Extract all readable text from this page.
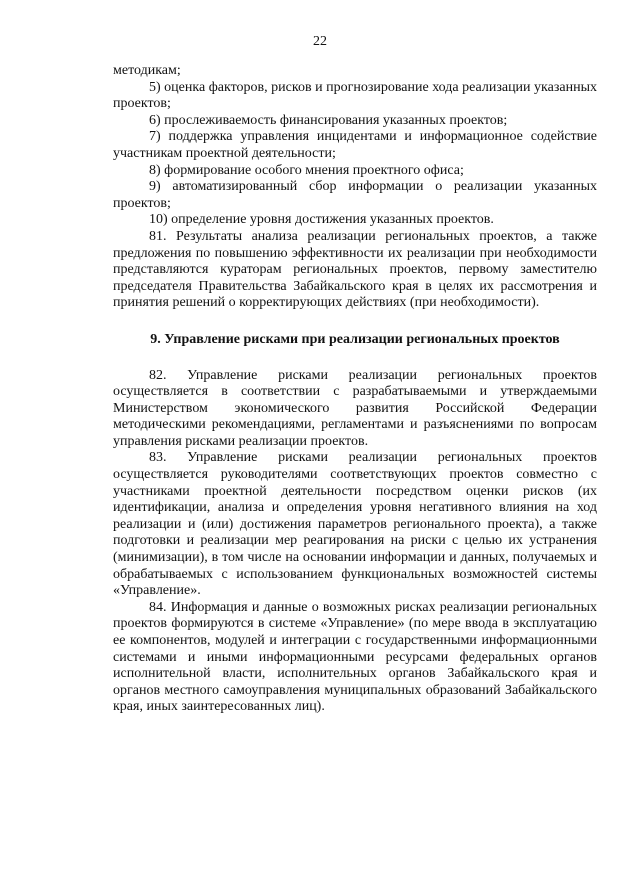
22

методикам;

5) оценка факторов, рисков и прогнозирование хода реализации указанных проектов;

6) прослеживаемость финансирования указанных проектов;

7) поддержка управления инцидентами и информационное содействие участникам проектной деятельности;

8) формирование особого мнения проектного офиса;

9) автоматизированный сбор информации о реализации указанных проектов;

10) определение уровня достижения указанных проектов.

81. Результаты анализа реализации региональных проектов, а также предложения по повышению эффективности их реализации при необходимости представляются кураторам региональных проектов, первому заместителю председателя Правительства Забайкальского края в целях их рассмотрения и принятия решений о корректирующих действиях (при необходимости).

9. Управление рисками при реализации региональных проектов

82. Управление рисками реализации региональных проектов осуществляется в соответствии с разрабатываемыми и утверждаемыми Министерством экономического развития Российской Федерации методическими рекомендациями, регламентами и разъяснениями по вопросам управления рисками реализации проектов.

83. Управление рисками реализации региональных проектов осуществляется руководителями соответствующих проектов совместно с участниками проектной деятельности посредством оценки рисков (их идентификации, анализа и определения уровня негативного влияния на ход реализации и (или) достижения параметров регионального проекта), а также подготовки и реализации мер реагирования на риски с целью их устранения (минимизации), в том числе на основании информации и данных, получаемых и обрабатываемых с использованием функциональных возможностей системы «Управление».

84. Информация и данные о возможных рисках реализации региональных проектов формируются в системе «Управление» (по мере ввода в эксплуатацию ее компонентов, модулей и интеграции с государственными информационными системами и иными информационными ресурсами федеральных органов исполнительной власти, исполнительных органов Забайкальского края и органов местного самоуправления муниципальных образований Забайкальского края, иных заинтересованных лиц).
